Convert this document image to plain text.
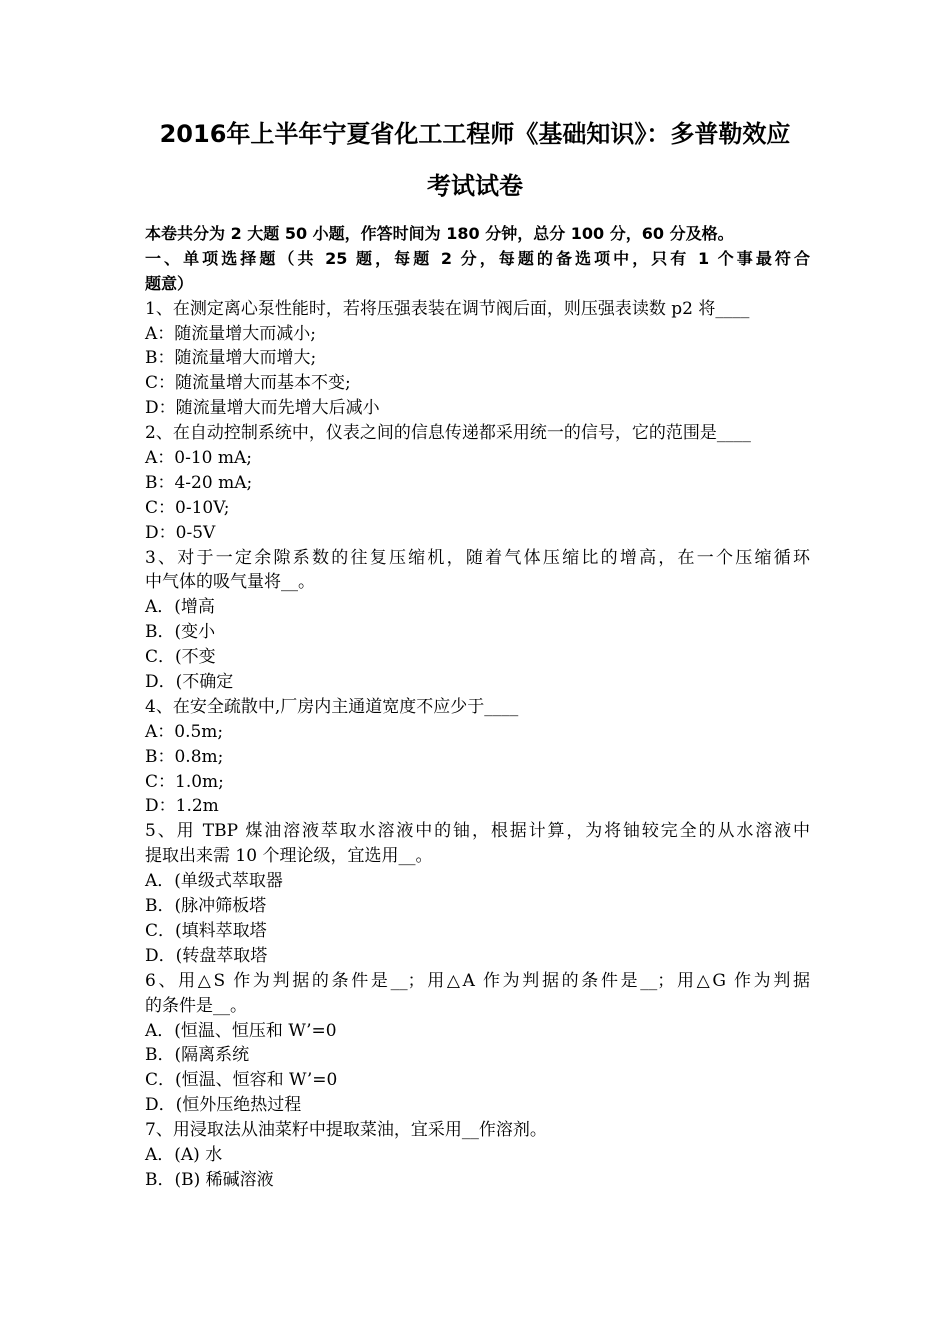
2016年上半年宁夏省化工工程师《基础知识》：多普勒效应
考试试卷
本卷共分为 2 大题 50 小题，作答时间为 180 分钟，总分 100 分，60 分及格。
一、单项选择题（共 25 题，每题 2 分，每题的备选项中，只有 1 个事最符合
题意）
1、在测定离心泵性能时，若将压强表装在调节阀后面，则压强表读数 p2 将____
A：随流量增大而减小;
B：随流量增大而增大;
C：随流量增大而基本不变;
D：随流量增大而先增大后减小
2、在自动控制系统中，仪表之间的信息传递都采用统一的信号，它的范围是____
A：0-10 mA;
B：4-20 mA;
C：0-10V;
D：0-5V
3、对于一定余隙系数的往复压缩机，随着气体压缩比的增高，在一个压缩循环
中气体的吸气量将__。
A．(增高
B．(变小
C．(不变
D．(不确定
4、在安全疏散中,厂房内主通道宽度不应少于____
A：0.5m;
B：0.8m;
C：1.0m;
D：1.2m
5、用 TBP 煤油溶液萃取水溶液中的铀，根据计算，为将铀较完全的从水溶液中
提取出来需 10 个理论级，宜选用__。
A．(单级式萃取器
B．(脉冲筛板塔
C．(填料萃取塔
D．(转盘萃取塔
6、用△S 作为判据的条件是__；用△A 作为判据的条件是__；用△G 作为判据
的条件是__。
A．(恒温、恒压和 W’=0
B．(隔离系统
C．(恒温、恒容和 W’=0
D．(恒外压绝热过程
7、用浸取法从油菜籽中提取菜油，宜采用__作溶剂。
A．(A) 水
B．(B) 稀碱溶液
